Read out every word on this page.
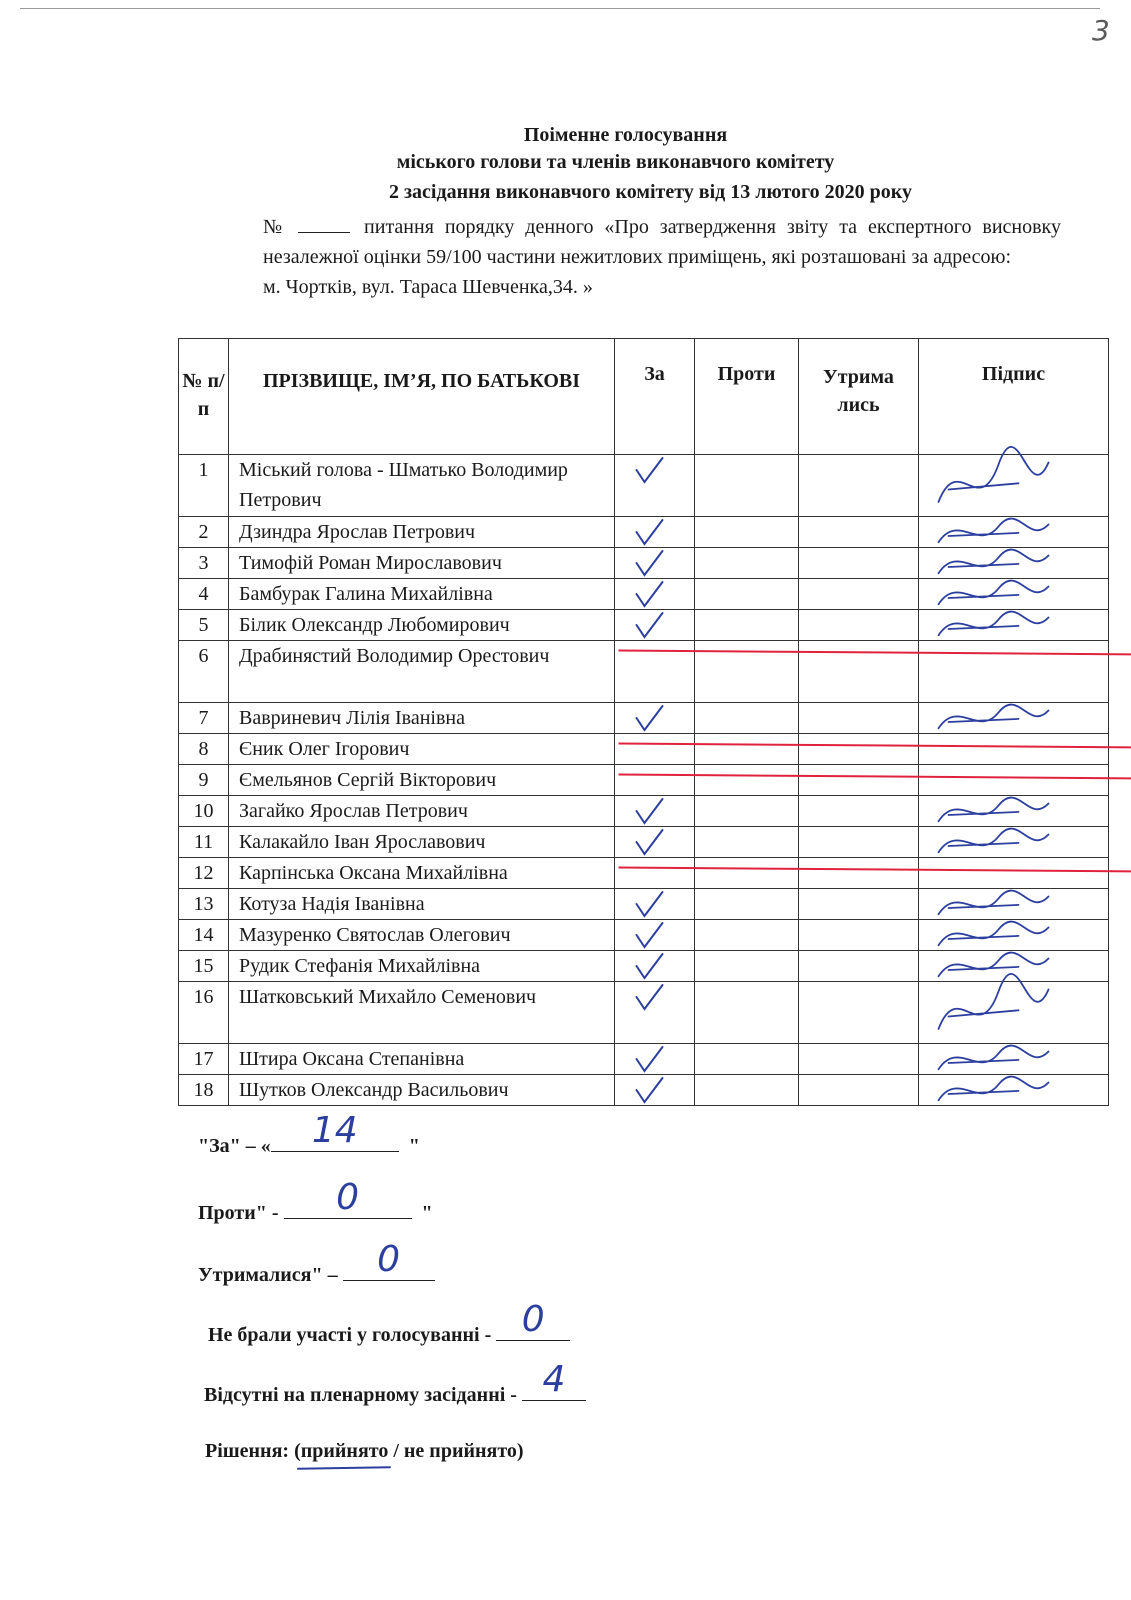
3
Поіменне голосування
міського голови та членів виконавчого комітету
2 засідання виконавчого комітету від 13 лютого 2020 року

№	питання порядку денного «Про затвердження звіту та експертного висновку незалежної оцінки 59/100 частини нежитлових приміщень, які розташовані за адресою:

м. Чортків, вул. Тараса Шевченка,34. »

№ п/п	ПРІЗВИЩЕ, ІМ’Я, ПО БАТЬКОВІ	За	Проти	Утрима лись	Підпис
1	Міський голова - Шматько Володимир Петрович				
2	Дзиндра Ярослав Петрович				
3	Тимофій Роман Мирославович				
4	Бамбурак Галина Михайлівна				
5	Білик Олександр Любомирович				
6	Драбинястий Володимир Орестович				
7	Вавриневич Лілія Іванівна				
8	Єник Олег Ігорович				
9	Ємельянов Сергій Вікторович				
10	Загайко Ярослав Петрович				
11	Калакайло Іван Ярославович				
12	Карпінська Оксана Михайлівна				
13	Котуза Надія Іванівна				
14	Мазуренко Святослав Олегович				
15	Рудик Стефанія Михайлівна				
16	Шатковський Михайло Семенович				
17	Штира Оксана Степанівна				
18	Шутков Олександр Васильович				
"За" – «	14	"
Проти" -	0	"
Утрималися" –	0
Не брали участі у голосуванні - 0
Відсутні на пленарному засіданні - 4
Рішення: (прийнято / не прийнято)
